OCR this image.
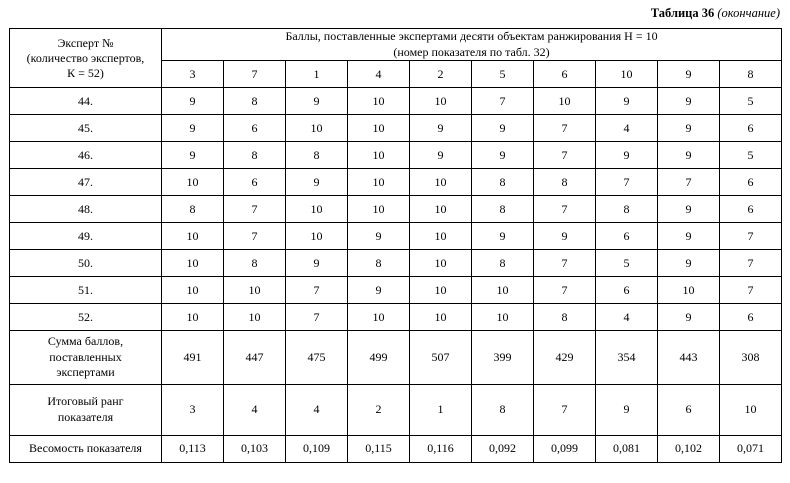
Таблица 36 (окончание)
Эксперт №
(количество экспертов,
К = 52)

Баллы, поставленные экспертами десяти объектам ранжирования Н = 10
(номер показателя по табл. 32)

	3	7	1	4	2	5	6	10	9	8
44.	9	8	9	10	10	7	10	9	9	5
45.	9	6	10	10	9	9	7	4	9	6
46.	9	8	8	10	9	9	7	9	9	5
47.	10	6	9	10	10	8	8	7	7	6
48.	8	7	10	10	10	8	7	8	9	6
49.	10	7	10	9	10	9	9	6	9	7
50.	10	8	9	8	10	8	7	5	9	7
51.	10	10	7	9	10	10	7	6	10	7
52.	10	10	7	10	10	10	8	4	9	6

Сумма баллов,
поставленных
экспертами	491	447	475	499	507	399	429	354	443	308

Итоговый ранг
показателя	3	4	4	2	1	8	7	9	6	10
Весомость показателя	0,113	0,103	0,109	0,115	0,116	0,092	0,099	0,081	0,102	0,071
